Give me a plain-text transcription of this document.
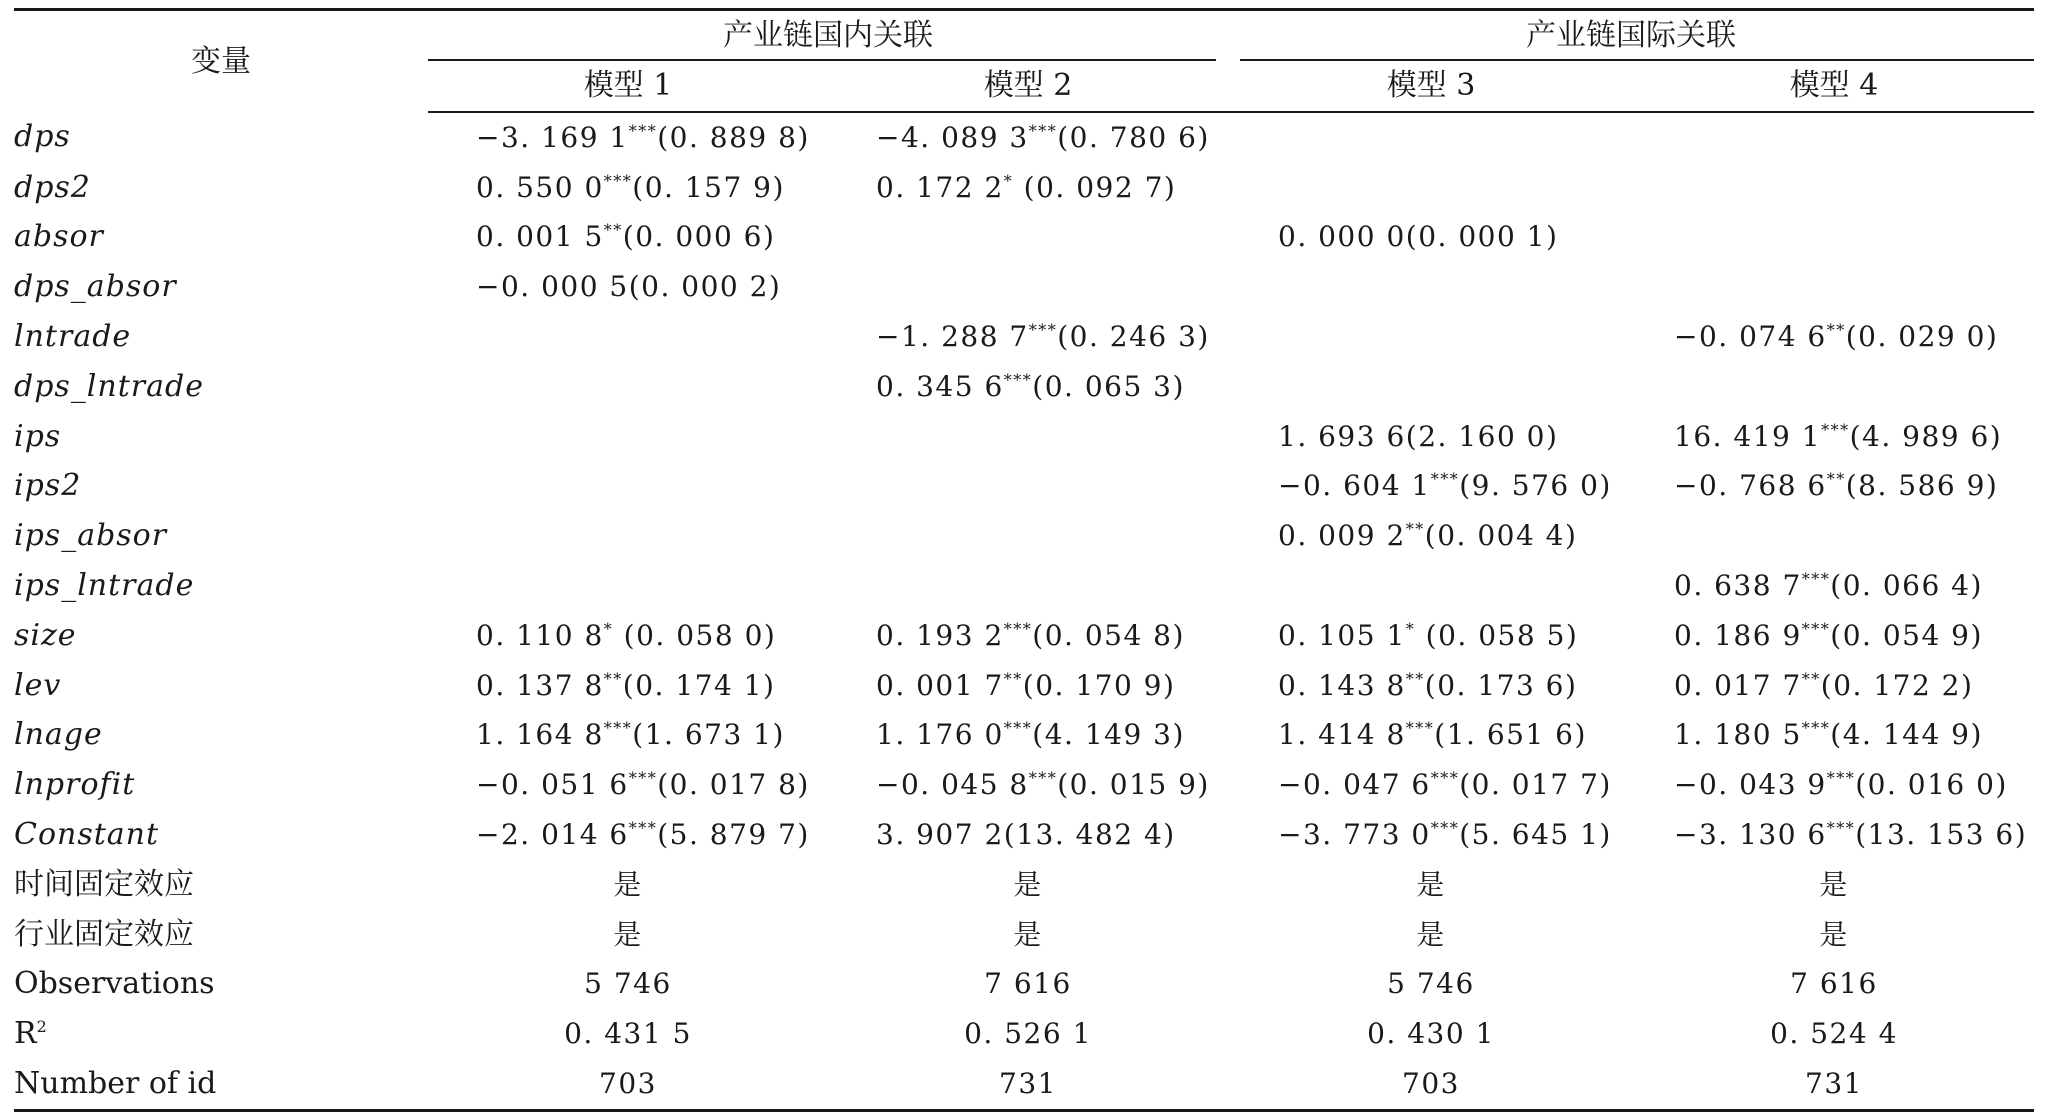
变量	产业链国内关联		产业链国际关联	

	模型 1	模型 2	模型 3	模型 4
dps	−3. 169 1***(0. 889 8)	−4. 089 3***(0. 780 6)		
dps2	0. 550 0***(0. 157 9)	0. 172 2* (0. 092 7)		
absor	0. 001 5**(0. 000 6)		0. 000 0(0. 000 1)	
dps_absor	−0. 000 5(0. 000 2)			
lntrade		−1. 288 7***(0. 246 3)		−0. 074 6**(0. 029 0)
dps_lntrade		0. 345 6***(0. 065 3)		
ips			1. 693 6(2. 160 0)	16. 419 1***(4. 989 6)
ips2			−0. 604 1***(9. 576 0)	−0. 768 6**(8. 586 9)
ips_absor			0. 009 2**(0. 004 4)	
ips_lntrade				0. 638 7***(0. 066 4)
size	0. 110 8* (0. 058 0)	0. 193 2***(0. 054 8)	0. 105 1* (0. 058 5)	0. 186 9***(0. 054 9)
lev	0. 137 8**(0. 174 1)	0. 001 7**(0. 170 9)	0. 143 8**(0. 173 6)	0. 017 7**(0. 172 2)
lnage	1. 164 8***(1. 673 1)	1. 176 0***(4. 149 3)	1. 414 8***(1. 651 6)	1. 180 5***(4. 144 9)
lnprofit	−0. 051 6***(0. 017 8)	−0. 045 8***(0. 015 9)	−0. 047 6***(0. 017 7)	−0. 043 9***(0. 016 0)
Constant	−2. 014 6***(5. 879 7)	3. 907 2(13. 482 4)	−3. 773 0***(5. 645 1)	−3. 130 6***(13. 153 6)
时间固定效应	是	是	是	是
行业固定效应	是	是	是	是
Observations	5 746	7 616	5 746	7 616
$R^2$	0. 431 5	0. 526 1	0. 430 1	0. 524 4
Number of id	703	731	703	731
